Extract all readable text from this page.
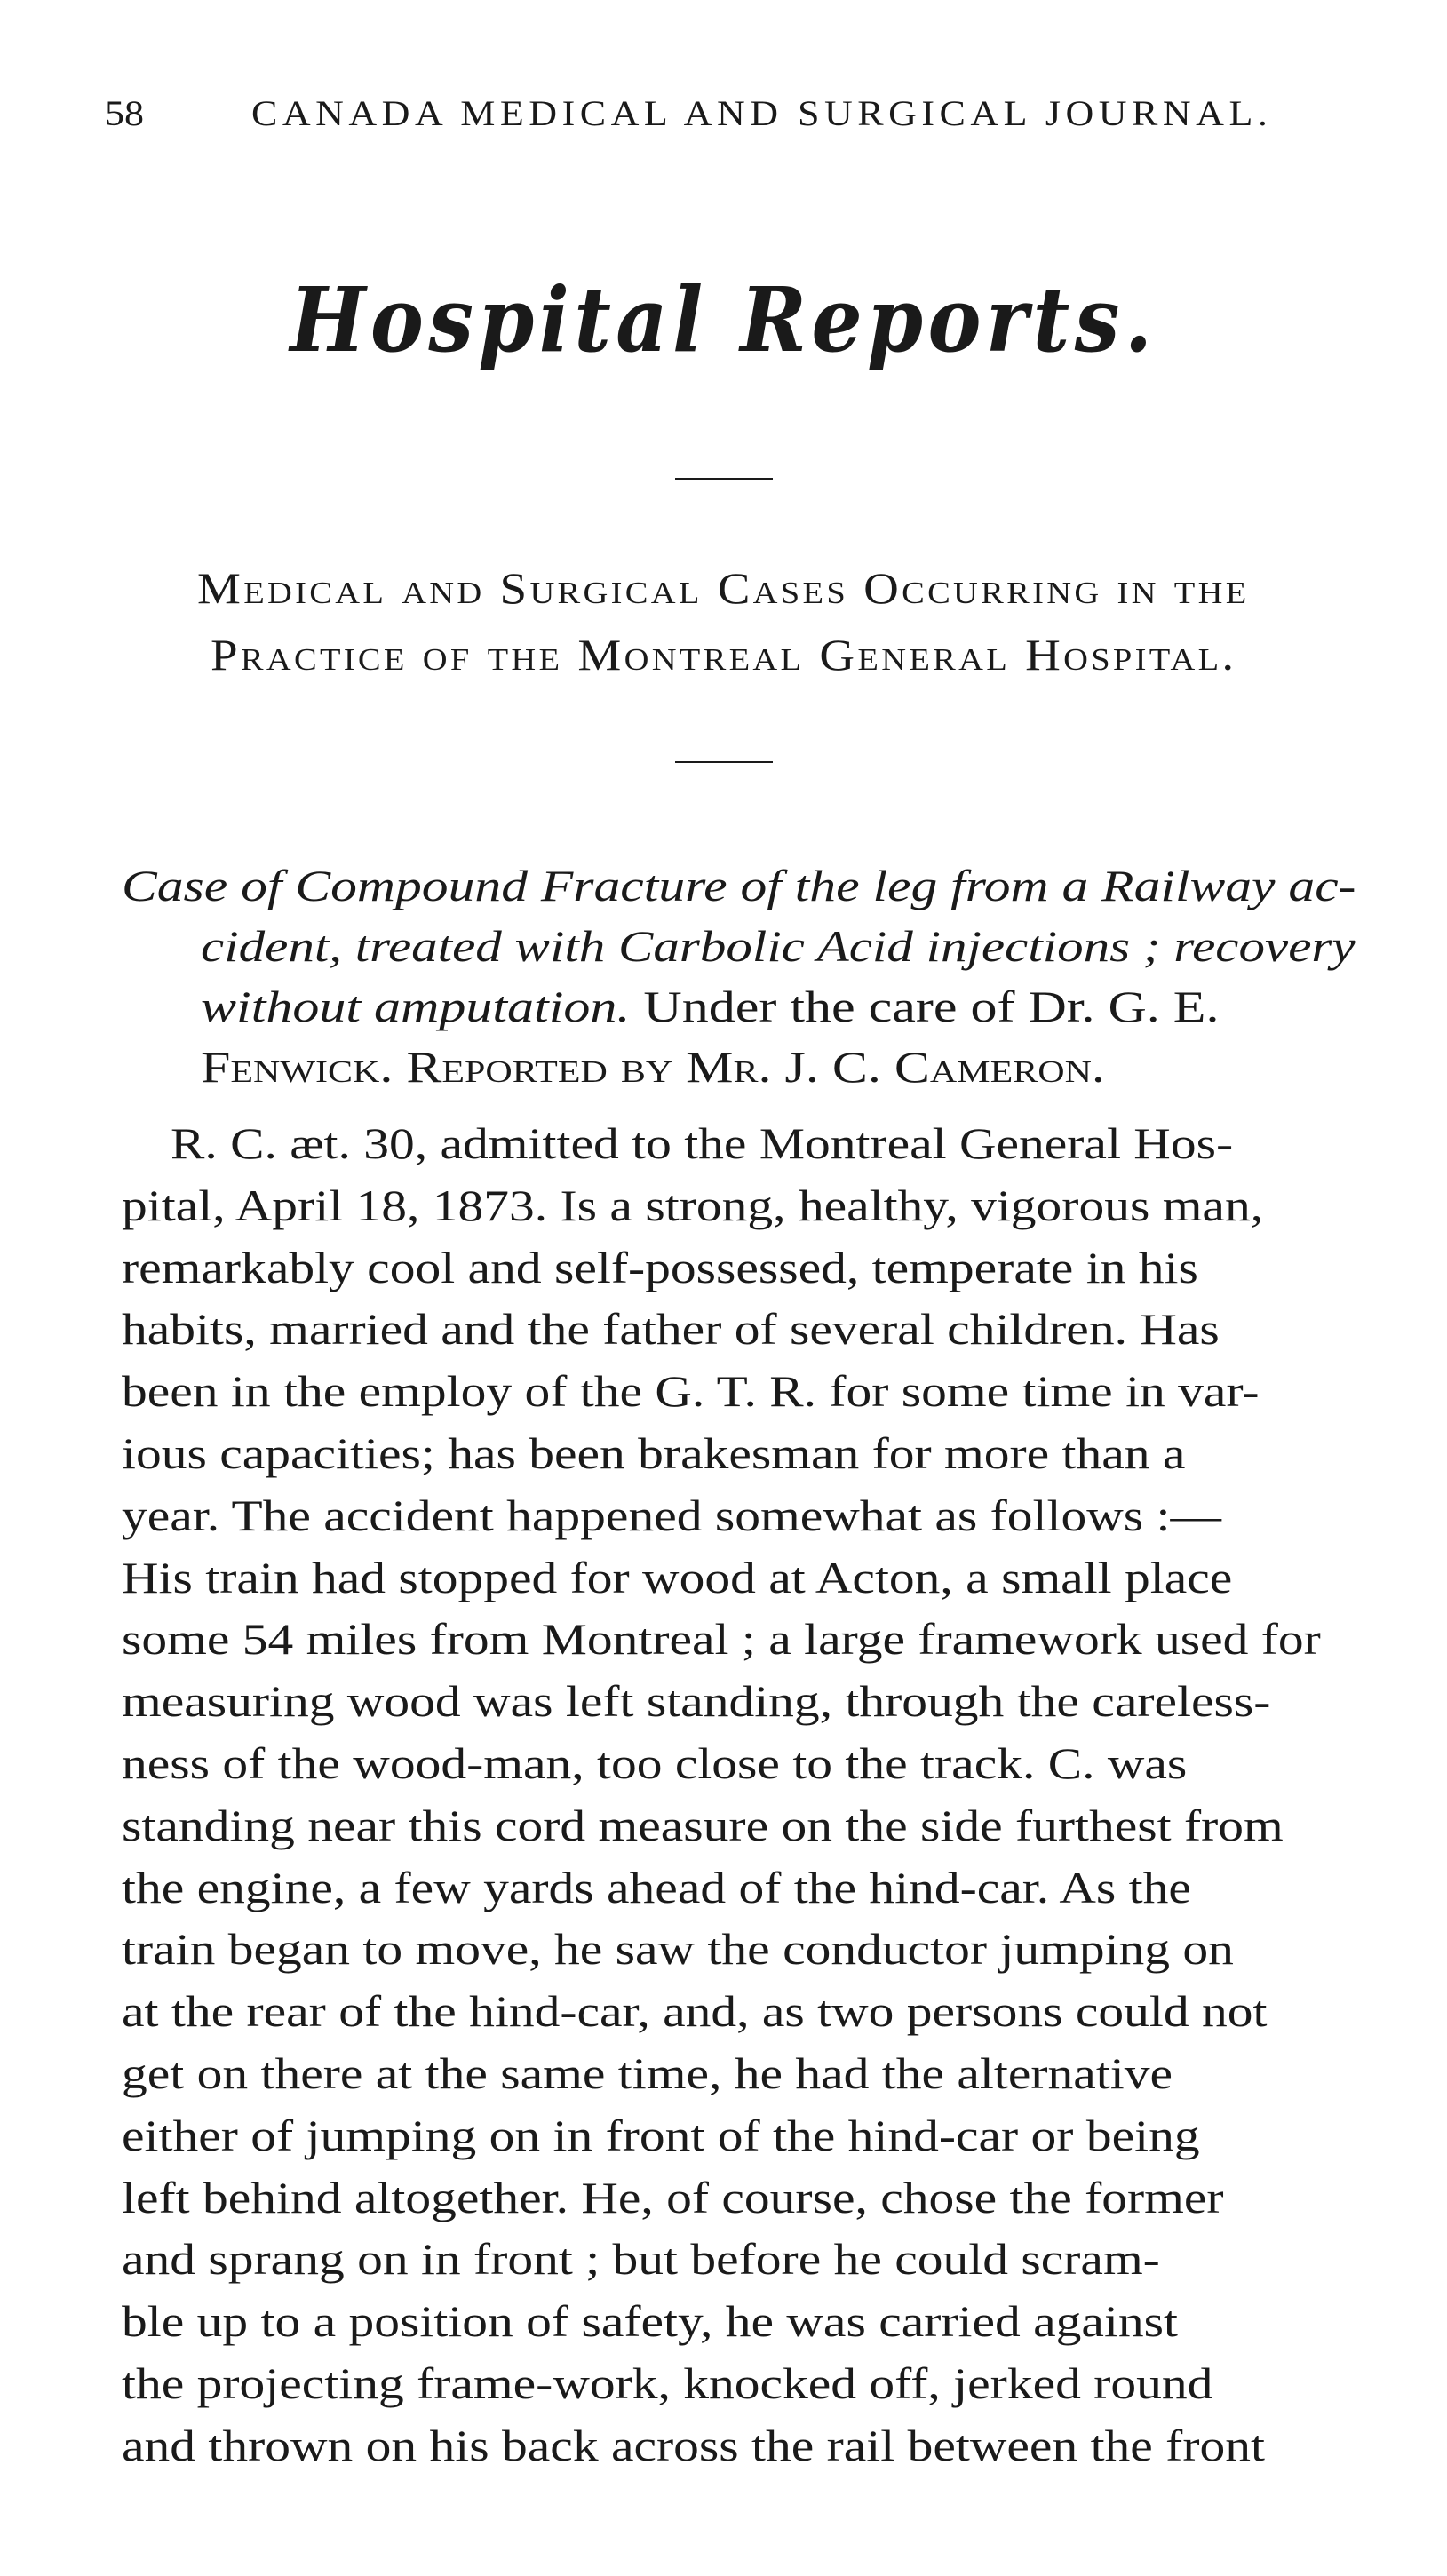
58	CANADA MEDICAL AND SURGICAL JOURNAL.
Hospital Reports.
Medical and Surgical Cases Occurring in the
Practice of the Montreal General Hospital.
Case of Compound Fracture of the leg from a Railway ac-
cident, treated with Carbolic Acid injections ; recovery
without amputation. Under the care of Dr. G. E.
Fenwick. Reported by Mr. J. C. Cameron.
R. C. æt. 30, admitted to the Montreal General Hos-
pital, April 18, 1873. Is a strong, healthy, vigorous man,
remarkably cool and self-possessed, temperate in his
habits, married and the father of several children. Has
been in the employ of the G. T. R. for some time in var-
ious capacities; has been brakesman for more than a
year. The accident happened somewhat as follows :—
His train had stopped for wood at Acton, a small place
some 54 miles from Montreal ; a large framework used for
measuring wood was left standing, through the careless-
ness of the wood-man, too close to the track. C. was
standing near this cord measure on the side furthest from
the engine, a few yards ahead of the hind-car. As the
train began to move, he saw the conductor jumping on
at the rear of the hind-car, and, as two persons could not
get on there at the same time, he had the alternative
either of jumping on in front of the hind-car or being
left behind altogether. He, of course, chose the former
and sprang on in front ; but before he could scram-
ble up to a position of safety, he was carried against
the projecting frame-work, knocked off, jerked round
and thrown on his back across the rail between the front
